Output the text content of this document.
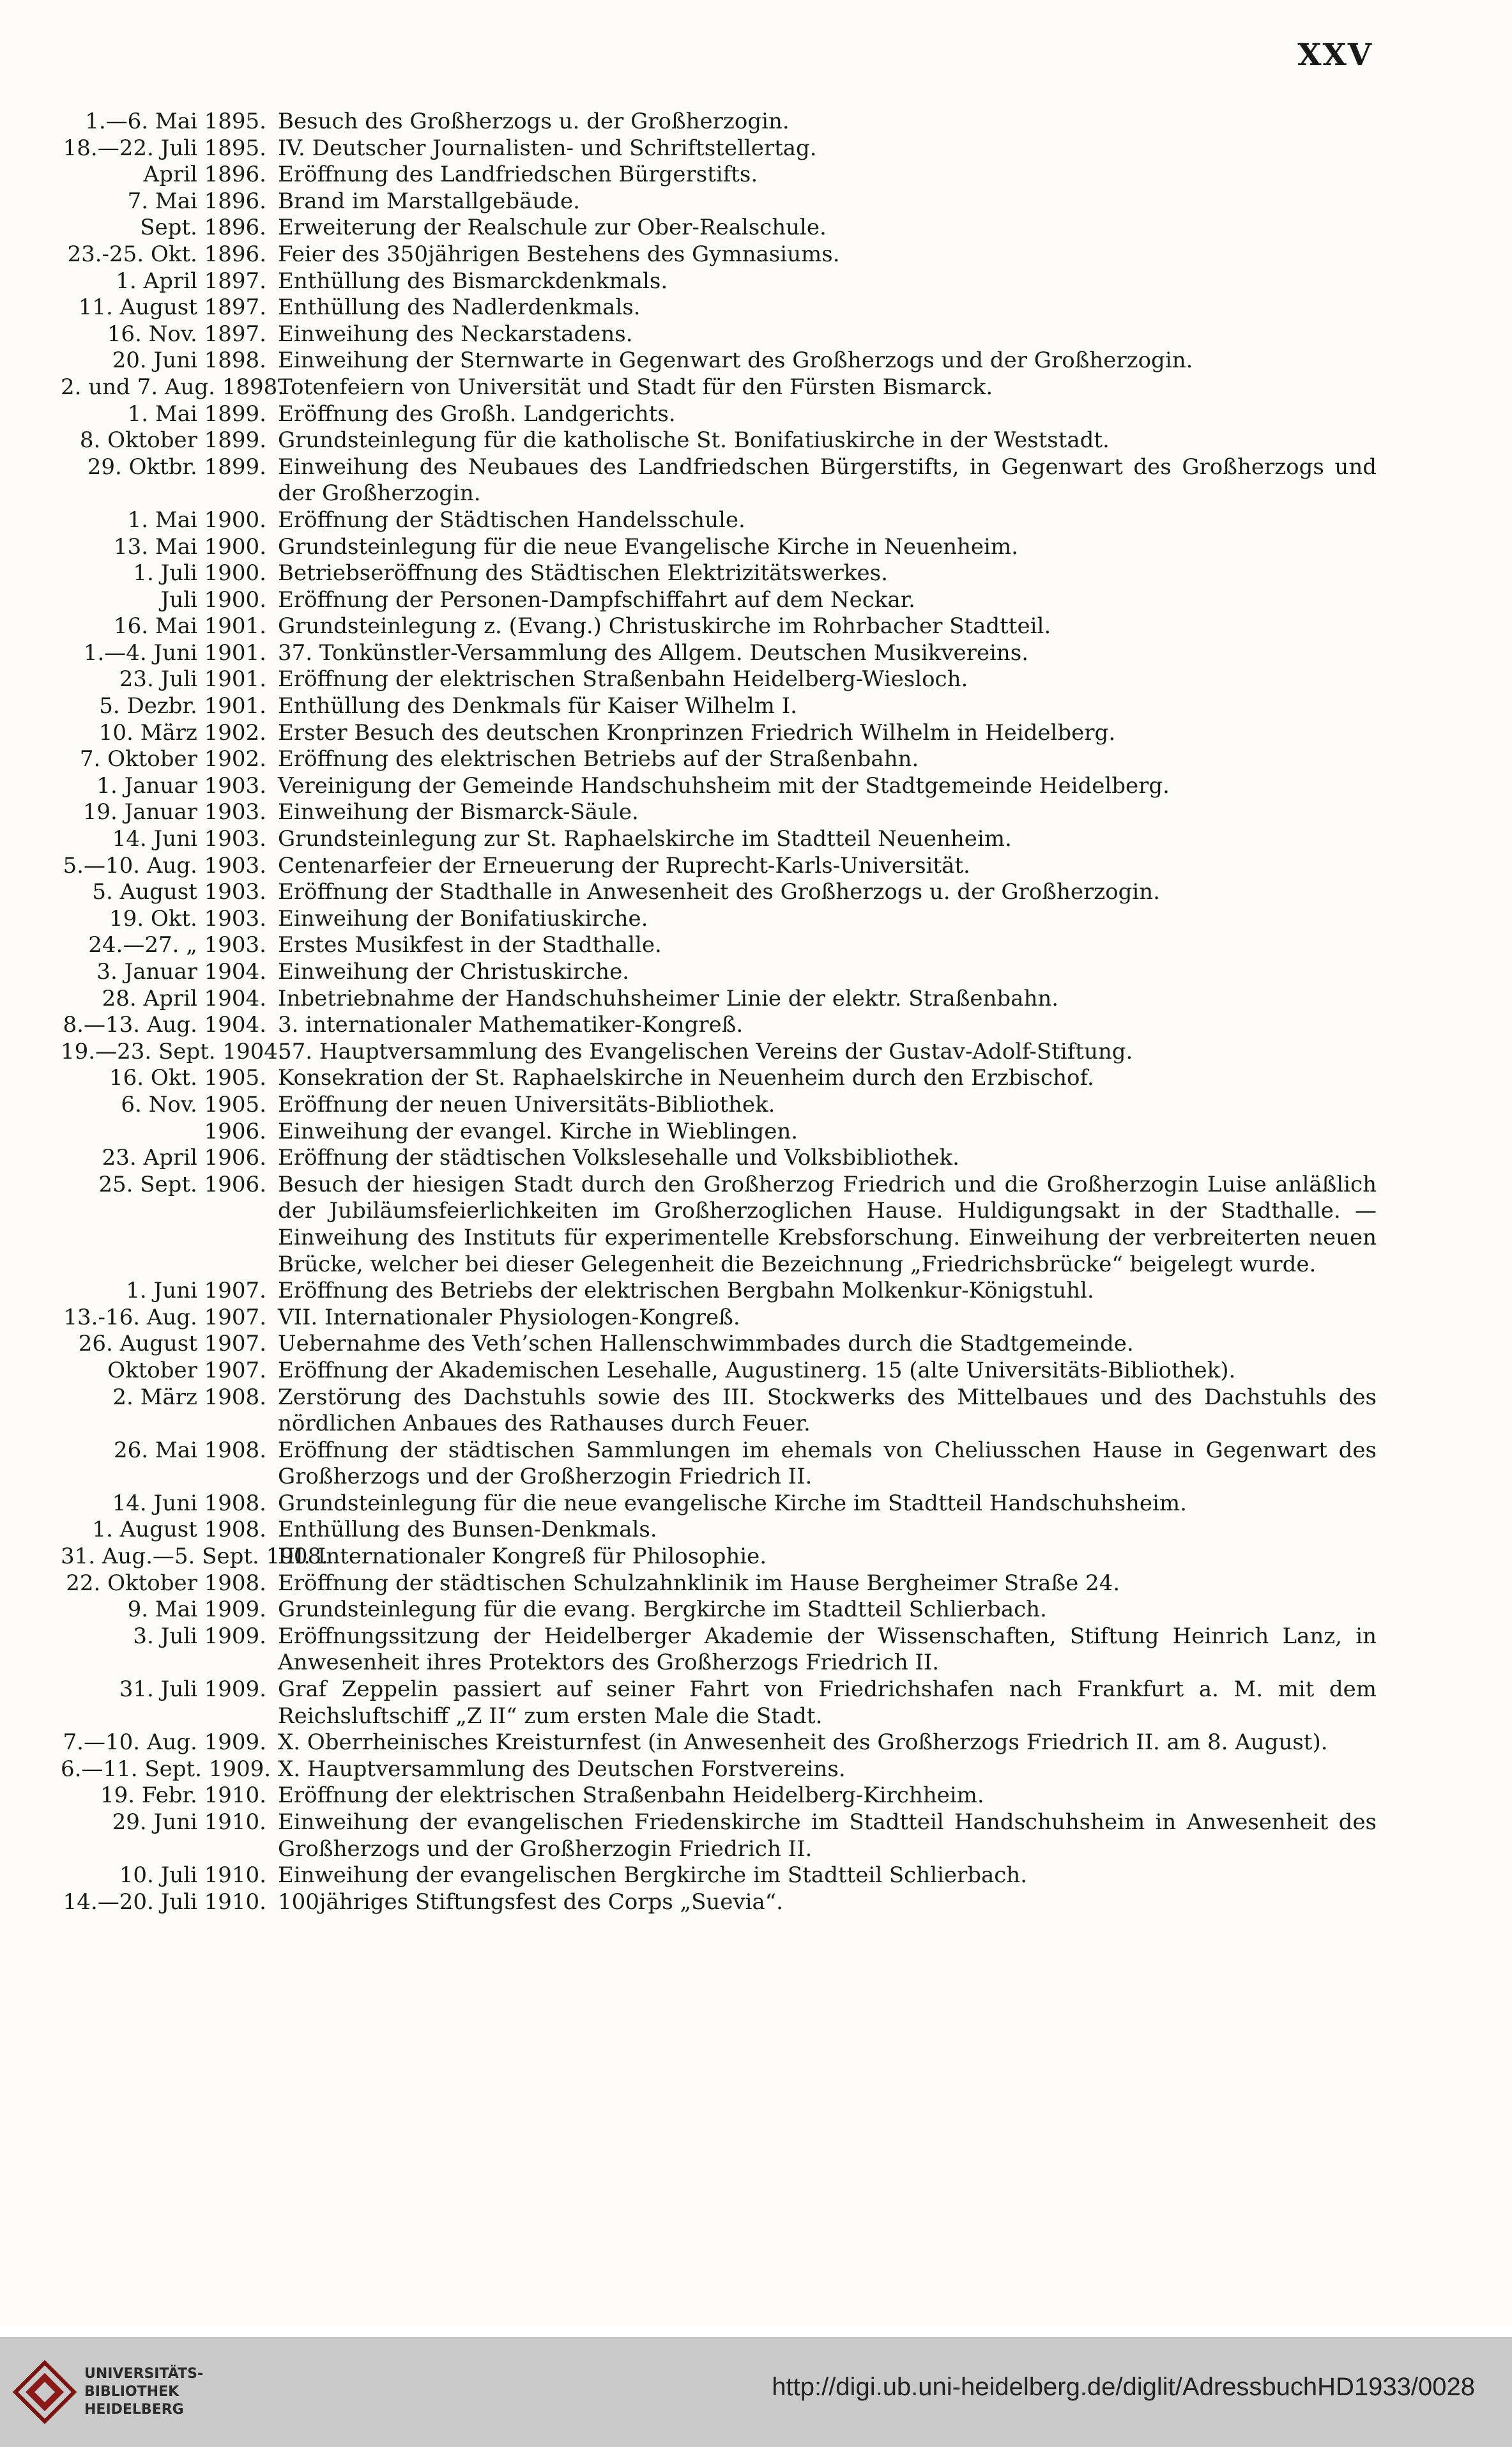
XXV
1.—6. Mai 1895. Besuch des Großherzogs u. der Großherzogin.
18.—22. Juli 1895. IV. Deutscher Journalisten- und Schriftstellertag.
April 1896. Eröffnung des Landfriedschen Bürgerstifts.
7. Mai 1896. Brand im Marstallgebäude.
Sept. 1896. Erweiterung der Realschule zur Ober-Realschule.
23.-25. Okt. 1896. Feier des 350jährigen Bestehens des Gymnasiums.
1. April 1897. Enthüllung des Bismarckdenkmals.
11. August 1897. Enthüllung des Nadlerdenkmals.
16. Nov. 1897. Einweihung des Neckarstadens.
20. Juni 1898. Einweihung der Sternwarte in Gegenwart des Großherzogs und der Großherzogin.
2. und 7. Aug. 1898.
Totenfeiern von Universität und Stadt für den Fürsten Bismarck.
1. Mai 1899. Eröffnung des Großh. Landgerichts.
8. Oktober 1899. Grundsteinlegung für die katholische St. Bonifatiuskirche in der Weststadt.
29. Oktbr. 1899. Einweihung des Neubaues des Landfriedschen Bürgerstifts, in Gegenwart des Großherzogs und der Großherzogin.
1. Mai 1900. Eröffnung der Städtischen Handelsschule.
13. Mai 1900. Grundsteinlegung für die neue Evangelische Kirche in Neuenheim.
1. Juli 1900. Betriebseröffnung des Städtischen Elektrizitätswerkes.
Juli 1900. Eröffnung der Personen-Dampfschiffahrt auf dem Neckar.
16. Mai 1901. Grundsteinlegung z. (Evang.) Christuskirche im Rohrbacher Stadtteil.
1.—4. Juni 1901. 37. Tonkünstler-Versammlung des Allgem. Deutschen Musikvereins.
23. Juli 1901. Eröffnung der elektrischen Straßenbahn Heidelberg-Wiesloch.
5. Dezbr. 1901. Enthüllung des Denkmals für Kaiser Wilhelm I.
10. März 1902. Erster Besuch des deutschen Kronprinzen Friedrich Wilhelm in Heidelberg.
7. Oktober 1902. Eröffnung des elektrischen Betriebs auf der Straßenbahn.
1. Januar 1903. Vereinigung der Gemeinde Handschuhsheim mit der Stadtgemeinde Heidelberg.
19. Januar 1903. Einweihung der Bismarck-Säule.
14. Juni 1903. Grundsteinlegung zur St. Raphaelskirche im Stadtteil Neuenheim.
5.—10. Aug. 1903. Centenarfeier der Erneuerung der Ruprecht-Karls-Universität.
5. August 1903. Eröffnung der Stadthalle in Anwesenheit des Großherzogs u. der Großherzogin.
19. Okt. 1903. Einweihung der Bonifatiuskirche.
24.—27. „ 1903. Erstes Musikfest in der Stadthalle.
3. Januar 1904. Einweihung der Christuskirche.
28. April 1904. Inbetriebnahme der Handschuhsheimer Linie der elektr. Straßenbahn.
8.—13. Aug. 1904. 3. internationaler Mathematiker-Kongreß.
19.—23. Sept. 1904.
57. Hauptversammlung des Evangelischen Vereins der Gustav-Adolf-Stiftung.
16. Okt. 1905. Konsekration der St. Raphaelskirche in Neuenheim durch den Erzbischof.
6. Nov. 1905. Eröffnung der neuen Universitäts-Bibliothek.
1906. Einweihung der evangel. Kirche in Wieblingen.
23. April 1906. Eröffnung der städtischen Volkslesehalle und Volksbibliothek.
25. Sept. 1906. Besuch der hiesigen Stadt durch den Großherzog Friedrich und die Großherzogin Luise anläßlich der Jubiläumsfeierlichkeiten im Großherzoglichen Hause. Huldigungsakt in der Stadthalle. — Einweihung des Instituts für experimentelle Krebsforschung. Einweihung der verbreiterten neuen Brücke, welcher bei dieser Gelegenheit die Bezeichnung „Friedrichsbrücke“ beigelegt wurde.
1. Juni 1907. Eröffnung des Betriebs der elektrischen Bergbahn Molkenkur-Königstuhl.
13.-16. Aug. 1907. VII. Internationaler Physiologen-Kongreß.
26. August 1907. Uebernahme des Veth’schen Hallenschwimmbades durch die Stadtgemeinde.
Oktober 1907. Eröffnung der Akademischen Lesehalle, Augustinerg. 15 (alte Universitäts-Bibliothek).
2. März 1908. Zerstörung des Dachstuhls sowie des III. Stockwerks des Mittelbaues und des Dachstuhls des nördlichen Anbaues des Rathauses durch Feuer.
26. Mai 1908. Eröffnung der städtischen Sammlungen im ehemals von Cheliusschen Hause in Gegenwart des Großherzogs und der Großherzogin Friedrich II.
14. Juni 1908. Grundsteinlegung für die neue evangelische Kirche im Stadtteil Handschuhsheim.
1. August 1908. Enthüllung des Bunsen-Denkmals.
31. Aug.—5. Sept. 1908.
III. Internationaler Kongreß für Philosophie.
22. Oktober 1908. Eröffnung der städtischen Schulzahnklinik im Hause Bergheimer Straße 24.
9. Mai 1909. Grundsteinlegung für die evang. Bergkirche im Stadtteil Schlierbach.
3. Juli 1909. Eröffnungssitzung der Heidelberger Akademie der Wissenschaften, Stiftung Heinrich Lanz, in Anwesenheit ihres Protektors des Großherzogs Friedrich II.
31. Juli 1909. Graf Zeppelin passiert auf seiner Fahrt von Friedrichshafen nach Frankfurt a. M. mit dem Reichsluftschiff „Z II“ zum ersten Male die Stadt.
7.—10. Aug. 1909. X. Oberrheinisches Kreisturnfest (in Anwesenheit des Großherzogs Friedrich II. am 8. August).
6.—11. Sept. 1909. X. Hauptversammlung des Deutschen Forstvereins.
19. Febr. 1910. Eröffnung der elektrischen Straßenbahn Heidelberg-Kirchheim.
29. Juni 1910. Einweihung der evangelischen Friedenskirche im Stadtteil Handschuhsheim in Anwesenheit des Großherzogs und der Großherzogin Friedrich II.
10. Juli 1910. Einweihung der evangelischen Bergkirche im Stadtteil Schlierbach.
14.—20. Juli 1910. 100jähriges Stiftungsfest des Corps „Suevia“.
UNIVERSITÄTS-
BIBLIOTHEK
HEIDELBERG
http://digi.ub.uni-heidelberg.de/diglit/AdressbuchHD1933/0028
